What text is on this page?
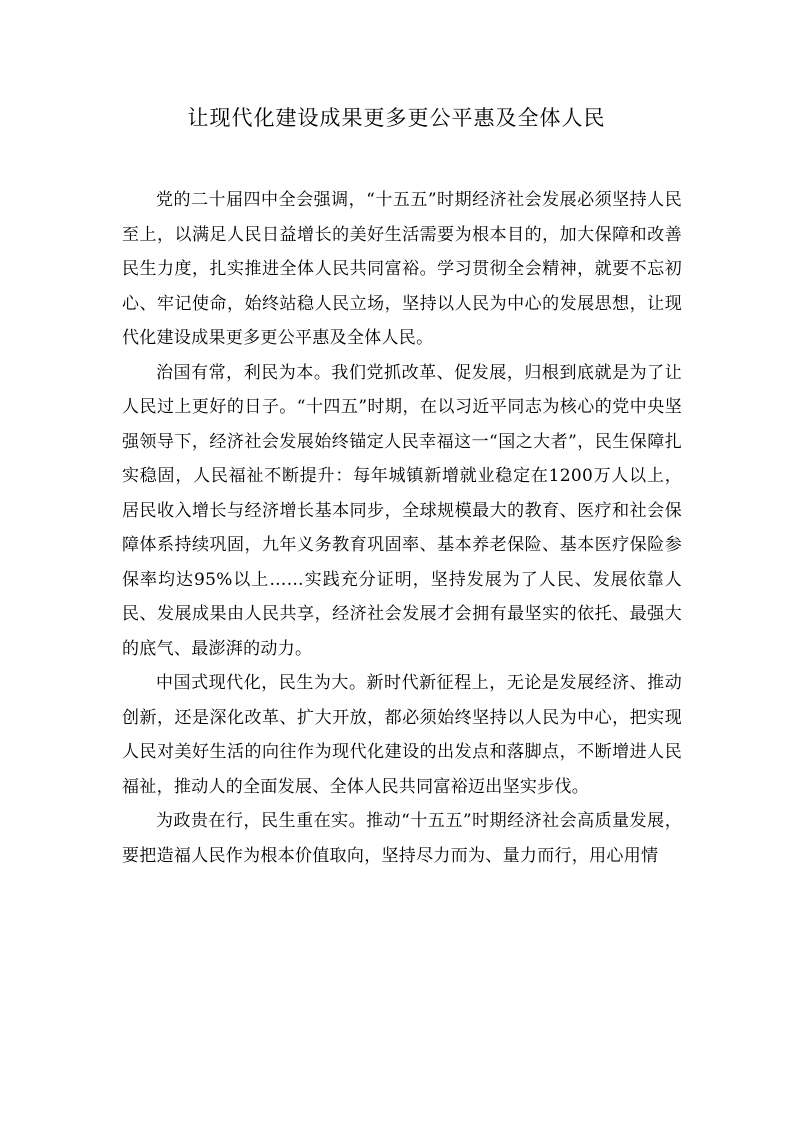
让现代化建设成果更多更公平惠及全体人民

党的二十届四中全会强调，“十五五”时期经济社会发展必须坚持人民至上，以满足人民日益增长的美好生活需要为根本目的，加大保障和改善民生力度，扎实推进全体人民共同富裕。学习贯彻全会精神，就要不忘初心、牢记使命，始终站稳人民立场，坚持以人民为中心的发展思想，让现代化建设成果更多更公平惠及全体人民。

治国有常，利民为本。我们党抓改革、促发展，归根到底就是为了让人民过上更好的日子。“十四五”时期，在以习近平同志为核心的党中央坚强领导下，经济社会发展始终锚定人民幸福这一“国之大者”，民生保障扎实稳固，人民福祉不断提升：每年城镇新增就业稳定在1200万人以上，居民收入增长与经济增长基本同步，全球规模最大的教育、医疗和社会保障体系持续巩固，九年义务教育巩固率、基本养老保险、基本医疗保险参保率均达95%以上……实践充分证明，坚持发展为了人民、发展依靠人民、发展成果由人民共享，经济社会发展才会拥有最坚实的依托、最强大的底气、最澎湃的动力。

中国式现代化，民生为大。新时代新征程上，无论是发展经济、推动创新，还是深化改革、扩大开放，都必须始终坚持以人民为中心，把实现人民对美好生活的向往作为现代化建设的出发点和落脚点，不断增进人民福祉，推动人的全面发展、全体人民共同富裕迈出坚实步伐。

为政贵在行，民生重在实。推动“十五五”时期经济社会高质量发展，要把造福人民作为根本价值取向，坚持尽力而为、量力而行，用心用情
